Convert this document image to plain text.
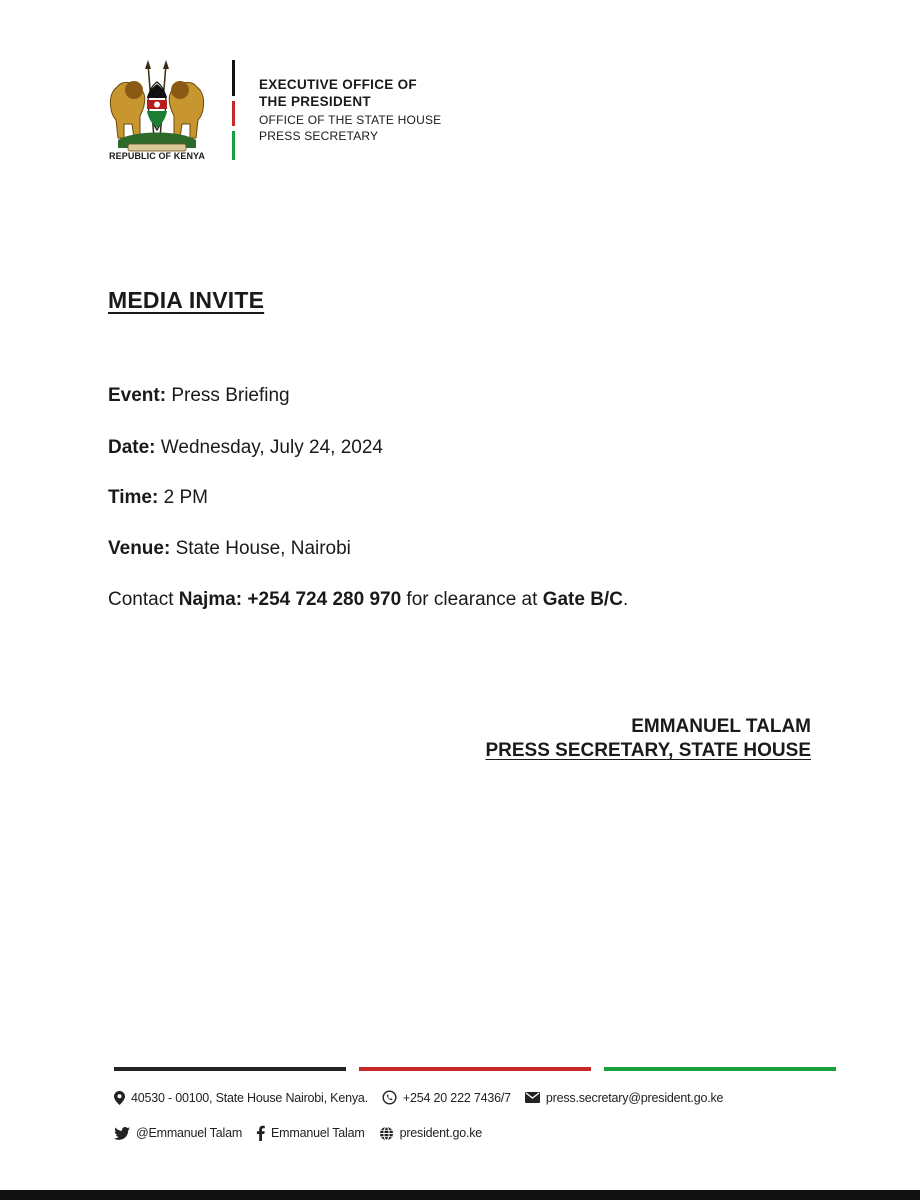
REPUBLIC OF KENYA
EXECUTIVE OFFICE OF
THE PRESIDENT
OFFICE OF THE STATE HOUSE
PRESS SECRETARY
MEDIA INVITE
Event: Press Briefing
Date: Wednesday, July 24, 2024
Time: 2 PM
Venue: State House, Nairobi
Contact Najma: +254 724 280 970 for clearance at Gate B/C.
EMMANUEL TALAM
PRESS SECRETARY, STATE HOUSE
40530 - 00100, State House Nairobi, Kenya.	+254 20 222 7436/7	press.secretary@president.go.ke
@Emmanuel Talam Emmanuel Talam	president.go.ke
